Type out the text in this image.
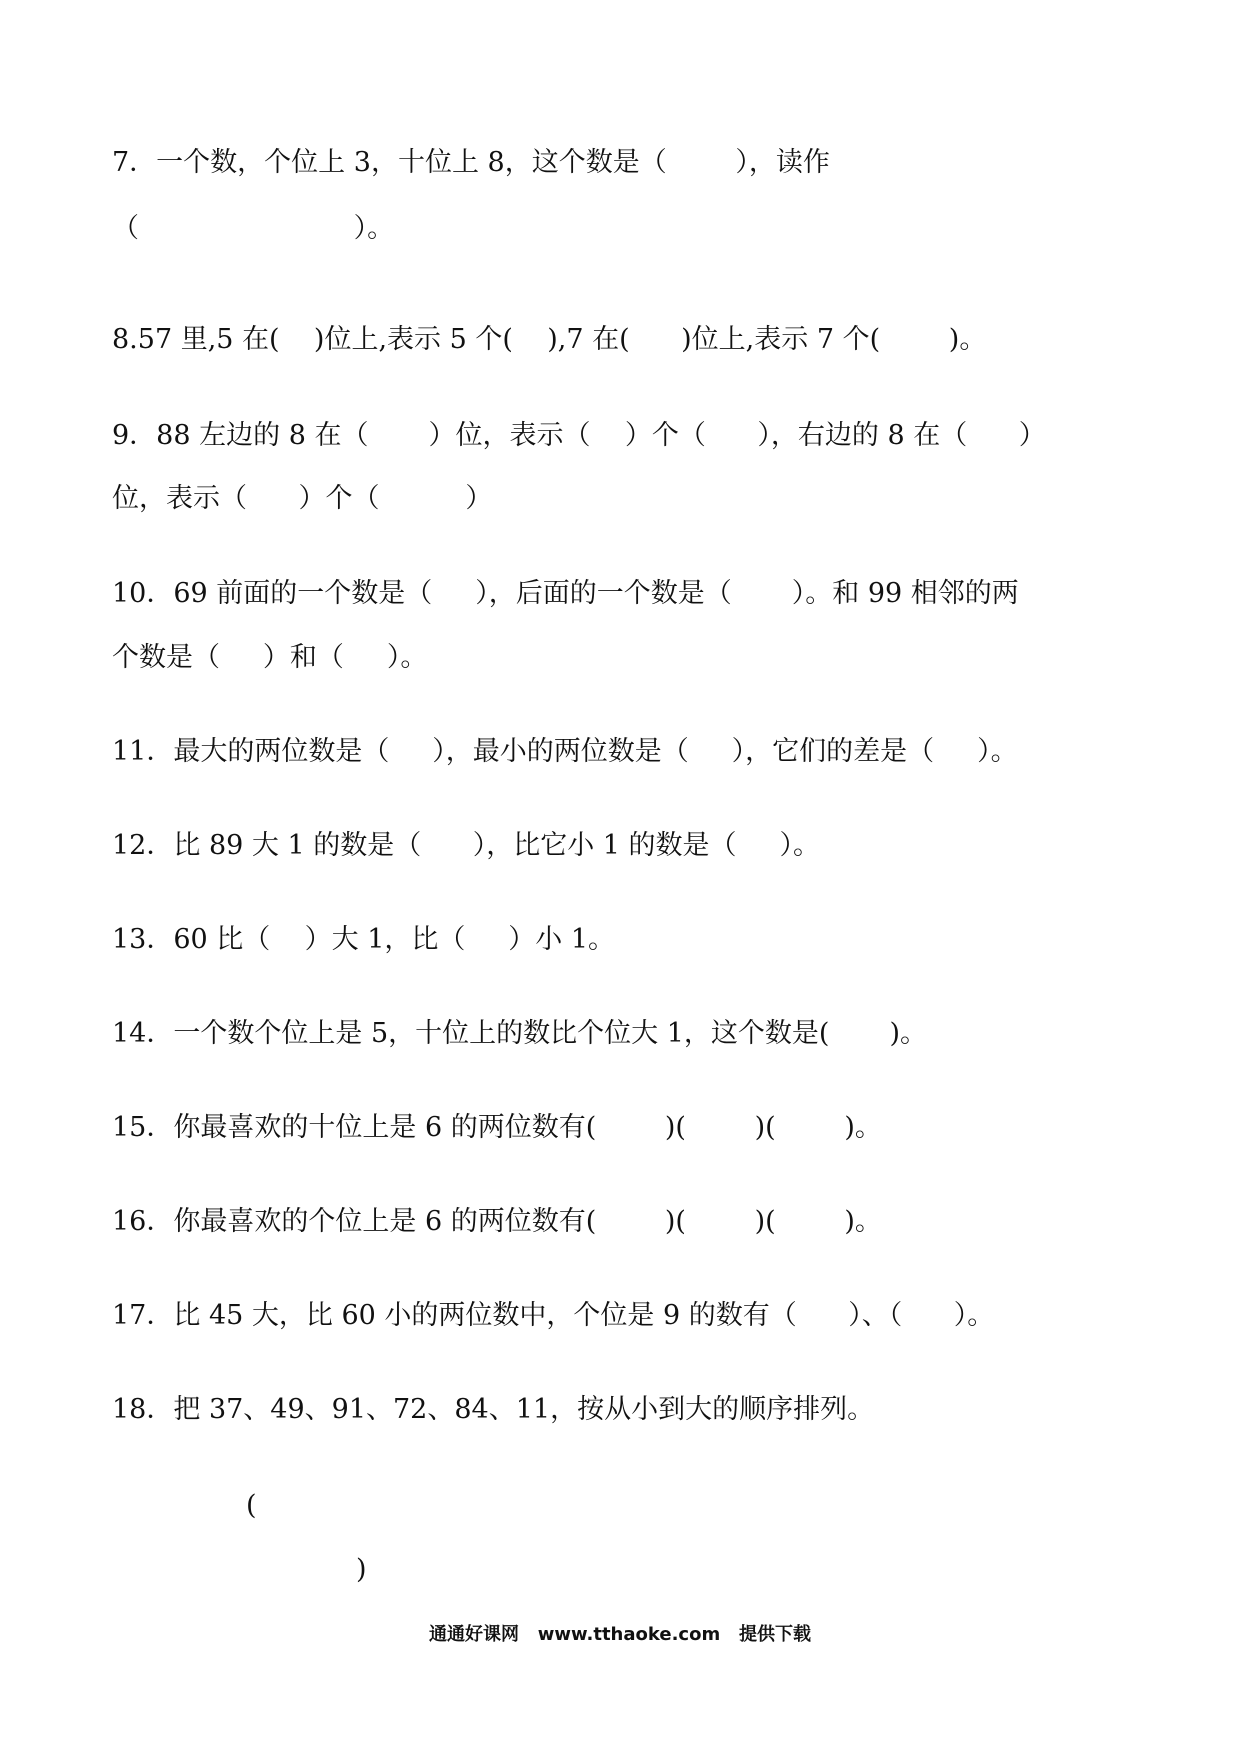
7．一个数，个位上 3，十位上 8，这个数是（        ），读作
（                         ）。
8.57 里,5 在(    )位上,表示 5 个(    ),7 在(      )位上,表示 7 个(        )。
9．88 左边的 8 在（       ）位，表示（    ）个（      ），右边的 8 在（      ）
位，表示（      ）个（          ）
10．69 前面的一个数是（     ），后面的一个数是（       ）。和 99 相邻的两
个数是（     ）和（     ）。
11．最大的两位数是（     ），最小的两位数是（     ），它们的差是（     ）。
12．比 89 大 1 的数是（      ），比它小 1 的数是（     ）。
13．60 比（    ）大 1，比（     ）小 1。
14．一个数个位上是 5，十位上的数比个位大 1，这个数是(       )。
15．你最喜欢的十位上是 6 的两位数有(        )(        )(        )。
16．你最喜欢的个位上是 6 的两位数有(        )(        )(        )。
17．比 45 大，比 60 小的两位数中，个位是 9 的数有（      ）、（      ）。
18．把 37、49、91、72、84、11，按从小到大的顺序排列。
(
)
通通好课网   www.tthaoke.com   提供下载
